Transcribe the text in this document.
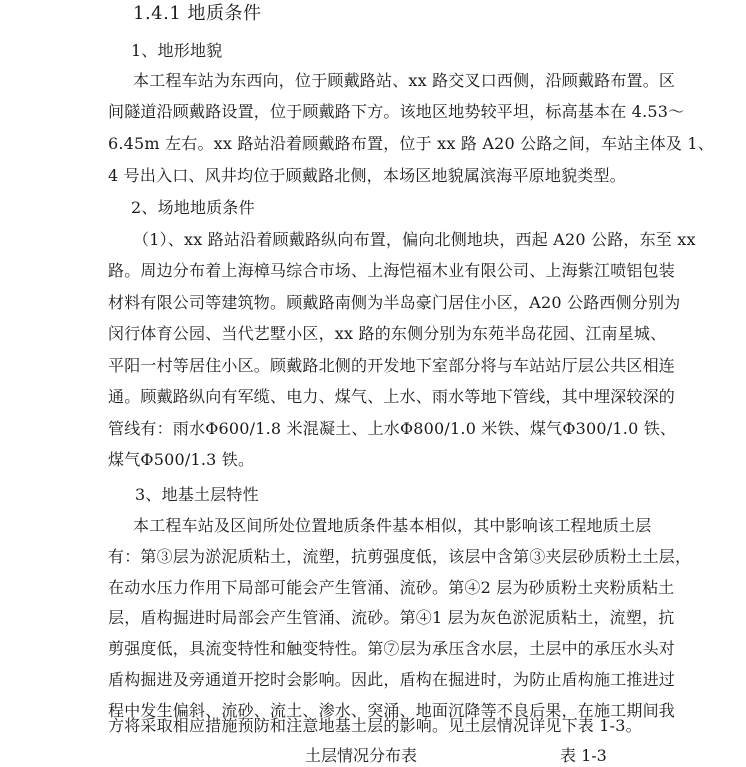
1.4.1 地质条件
1、地形地貌
本工程车站为东西向，位于顾戴路站、xx 路交叉口西侧，沿顾戴路布置。区
间隧道沿顾戴路设置，位于顾戴路下方。该地区地势较平坦，标高基本在 4.53～
6.45m 左右。xx 路站沿着顾戴路布置，位于 xx 路 A20 公路之间，车站主体及 1、
4 号出入口、风井均位于顾戴路北侧，本场区地貌属滨海平原地貌类型。
2、场地地质条件
（1）、xx 路站沿着顾戴路纵向布置，偏向北侧地块，西起 A20 公路，东至 xx
路。周边分布着上海樟马综合市场、上海恺福木业有限公司、上海紫江喷铝包装
材料有限公司等建筑物。顾戴路南侧为半岛豪门居住小区，A20 公路西侧分别为
闵行体育公园、当代艺墅小区，xx 路的东侧分别为东苑半岛花园、江南星城、
平阳一村等居住小区。顾戴路北侧的开发地下室部分将与车站站厅层公共区相连
通。顾戴路纵向有军缆、电力、煤气、上水、雨水等地下管线，其中埋深较深的
管线有：雨水Φ600/1.8 米混凝土、上水Φ800/1.0 米铁、煤气Φ300/1.0 铁、
煤气Φ500/1.3 铁。
3、地基土层特性
本工程车站及区间所处位置地质条件基本相似，其中影响该工程地质土层
有：第③层为淤泥质粘土，流塑，抗剪强度低，该层中含第③夹层砂质粉土土层，
在动水压力作用下局部可能会产生管涌、流砂。第④2 层为砂质粉土夹粉质粘土
层，盾构掘进时局部会产生管涌、流砂。第④1 层为灰色淤泥质粘土，流塑，抗
剪强度低，具流变特性和触变特性。第⑦层为承压含水层，土层中的承压水头对
盾构掘进及旁通道开挖时会影响。因此，盾构在掘进时，为防止盾构施工推进过
程中发生偏斜、流砂、流土、渗水、突涌、地面沉降等不良后果，在施工期间我
方将采取相应措施预防和注意地基土层的影响。见土层情况详见下表 1-3。
土层情况分布表	表 1-3
